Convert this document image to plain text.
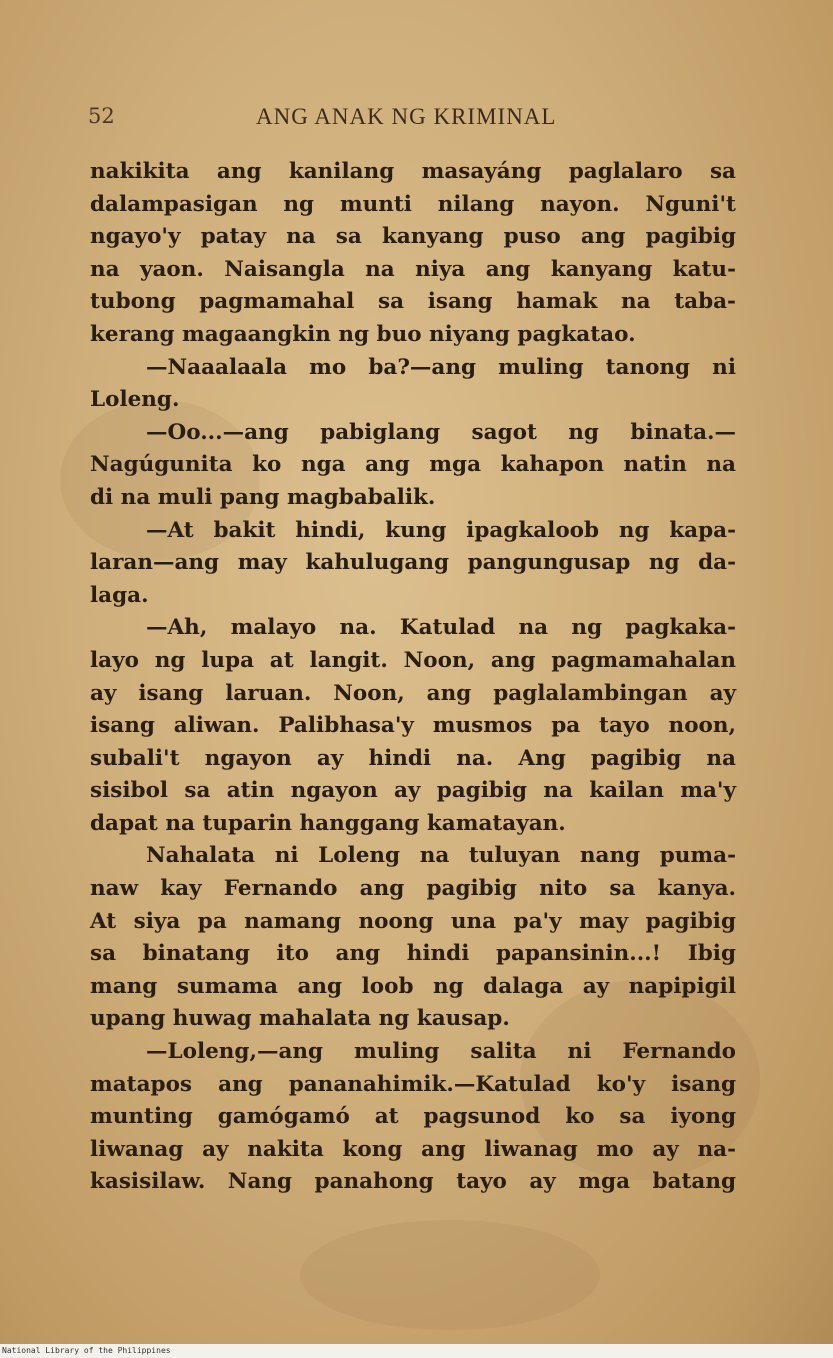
52	ANG ANAK NG KRIMINAL
nakikita ang kanilang masayáng paglalaro sa
dalampasigan ng munti nilang nayon. Nguni't
ngayo'y patay na sa kanyang puso ang pagibig
na yaon. Naisangla na niya ang kanyang katu-
tubong pagmamahal sa isang hamak na taba-
kerang magaangkin ng buo niyang pagkatao.
—Naaalaala mo ba?—ang muling tanong ni
Loleng.
—Oo...—ang pabiglang sagot ng binata.—
Nagúgunita ko nga ang mga kahapon natin na
di na muli pang magbabalik.
—At bakit hindi, kung ipagkaloob ng kapa-
laran—ang may kahulugang pangungusap ng da-
laga.
—Ah, malayo na. Katulad na ng pagkaka-
layo ng lupa at langit. Noon, ang pagmamahalan
ay isang laruan. Noon, ang paglalambingan ay
isang aliwan. Palibhasa'y musmos pa tayo noon,
subali't ngayon ay hindi na. Ang pagibig na
sisibol sa atin ngayon ay pagibig na kailan ma'y
dapat na tuparin hanggang kamatayan.
Nahalata ni Loleng na tuluyan nang puma-
naw kay Fernando ang pagibig nito sa kanya.
At siya pa namang noong una pa'y may pagibig
sa binatang ito ang hindi papansinin...! Ibig
mang sumama ang loob ng dalaga ay napipigil
upang huwag mahalata ng kausap.
—Loleng,—ang muling salita ni Fernando
matapos ang pananahimik.—Katulad ko'y isang
munting gamógamó at pagsunod ko sa iyong
liwanag ay nakita kong ang liwanag mo ay na-
kasisilaw. Nang panahong tayo ay mga batang
National Library of the Philippines
